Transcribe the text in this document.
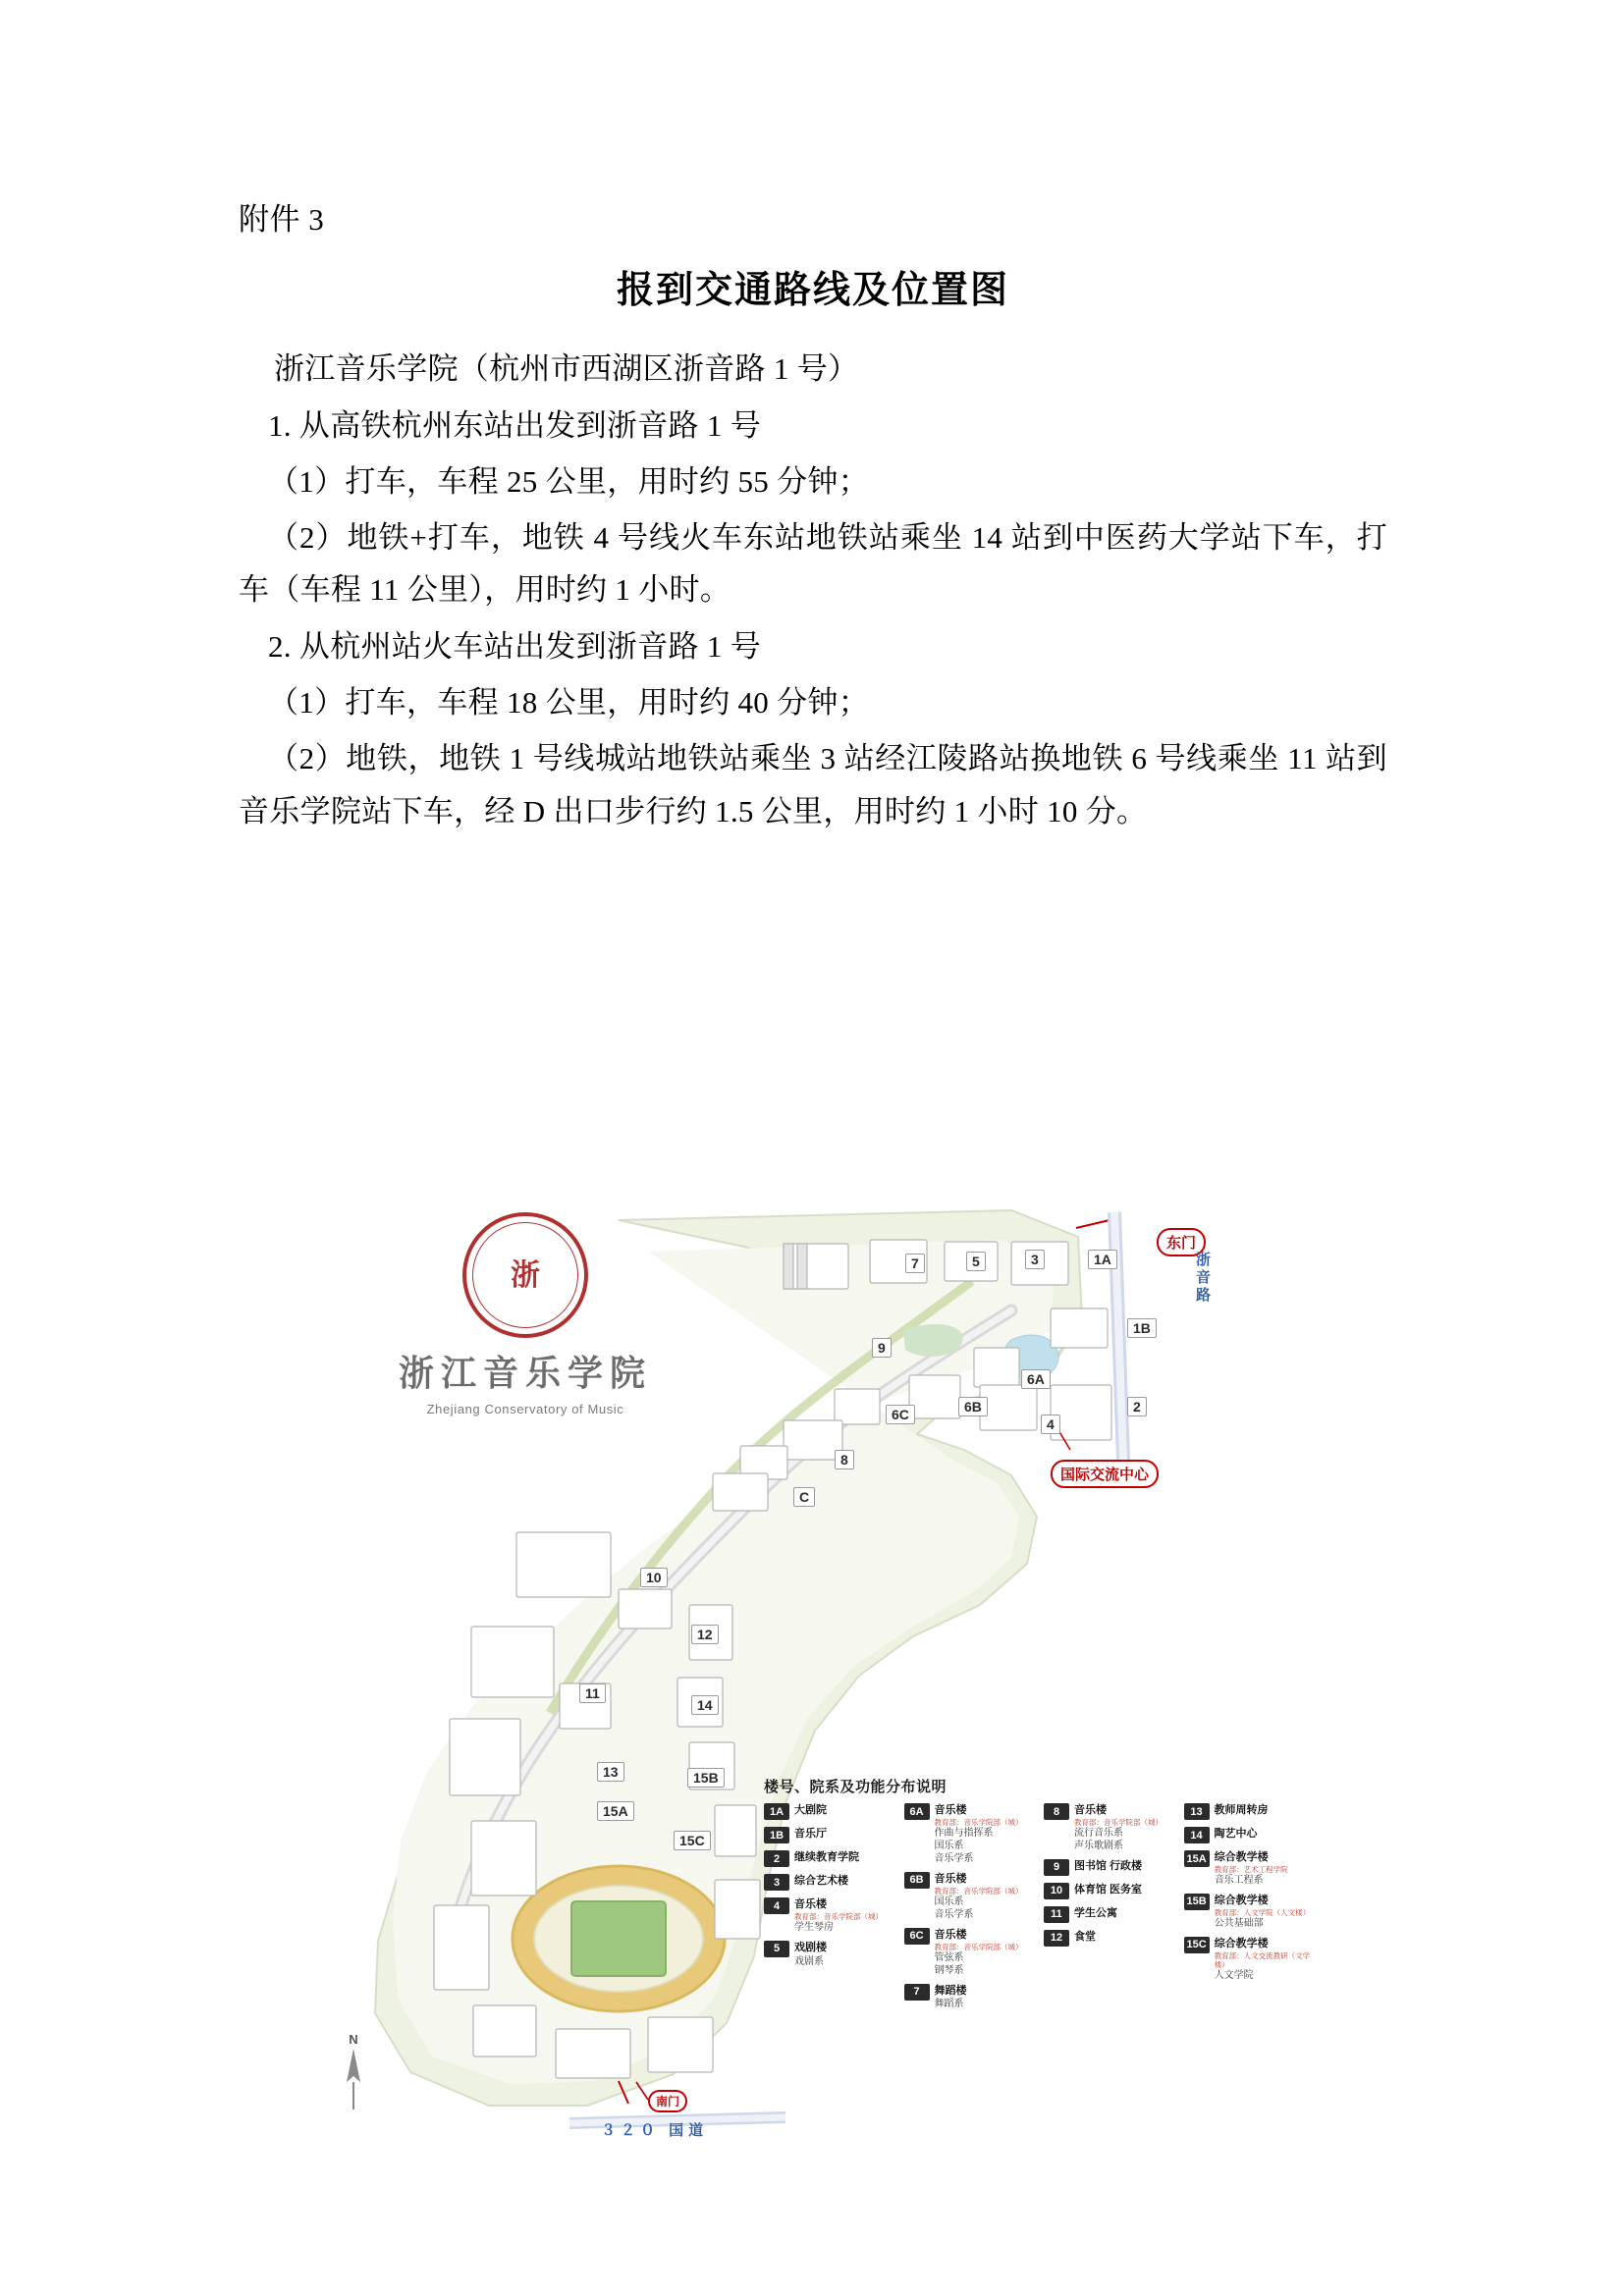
附件 3
报到交通路线及位置图

浙江音乐学院（杭州市西湖区浙音路 1 号）

1. 从高铁杭州东站出发到浙音路 1 号

（1）打车，车程 25 公里，用时约 55 分钟；

（2）地铁+打车，地铁 4 号线火车东站地铁站乘坐 14 站到中医药大学站下车，打车（车程 11 公里），用时约 1 小时。

2. 从杭州站火车站出发到浙音路 1 号

（1）打车，车程 18 公里，用时约 40 分钟；

（2）地铁，地铁 1 号线城站地铁站乘坐 3 站经江陵路站换地铁 6 号线乘坐 11 站到音乐学院站下车，经 D 出口步行约 1.5 公里，用时约 1 小时 10 分。

浙
浙江音乐学院
Zhejiang Conservatory of Music
7	5	3	1A
1B
9
6A
2
6C	6B
4
8
C
10
12
11
14
13	15B
15A
15C
东门
浙音路
国际交流中心
南门
３２０ 国道
N
楼号、院系及功能分布说明
1A 大剧院
1B 音乐厅
2	继续教育学院
3	综合艺术楼
4	音乐楼
教育部：音乐学院部（城）
学生琴房
5	戏剧楼
戏剧系
6A 音乐楼
教育部：音乐学院部（城）
作曲与指挥系
国乐系
音乐学系
6B 音乐楼
教育部：音乐学院部（城）
国乐系
音乐学系
6C 音乐楼
教育部：音乐学院部（城）
管弦系
钢琴系
7	舞蹈楼
舞蹈系
8	音乐楼
教育部：音乐学院部（城）
流行音乐系
声乐歌剧系
9	图书馆 行政楼
10	体育馆 医务室
11	学生公寓
12	食堂
13	教师周转房
14	陶艺中心
15A 综合教学楼
教育部：艺术工程学院
音乐工程系
15B 综合教学楼
教育部：人文学院（人文楼）
公共基础部
15C 综合教学楼
教育部：人文交流教研（文学楼）
人文学院
